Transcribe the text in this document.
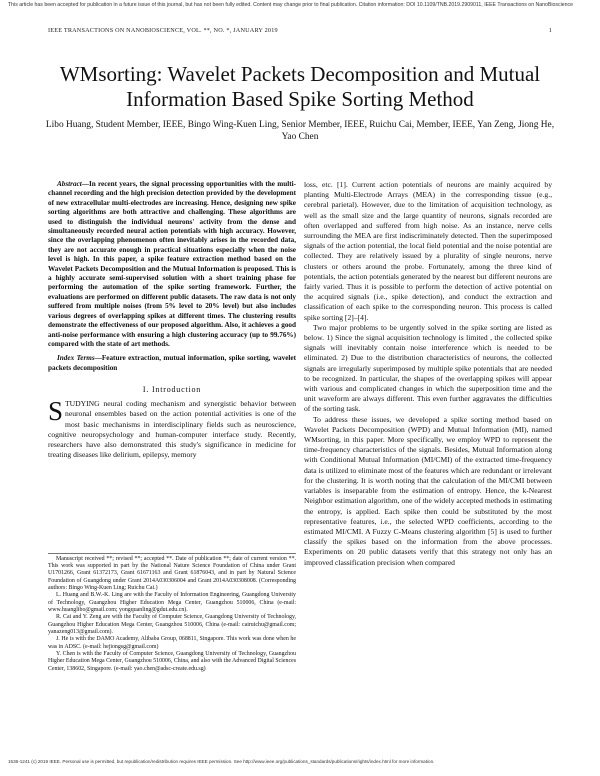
This article has been accepted for publication in a future issue of this journal, but has not been fully edited. Content may change prior to final publication. Citation information: DOI 10.1109/TNB.2019.2909011, IEEE Transactions on NanoBioscience
IEEE TRANSACTIONS ON NANOBIOSCIENCE, VOL. **, NO. *, JANUARY 2019	1
WMsorting: Wavelet Packets Decomposition and Mutual Information Based Spike Sorting Method
Libo Huang, Student Member, IEEE, Bingo Wing-Kuen Ling, Senior Member, IEEE, Ruichu Cai, Member, IEEE, Yan Zeng, Jiong He, Yao Chen

Abstract—In recent years, the signal processing opportunities with the multi-channel recording and the high precision detection provided by the development of new extracellular multi-electrodes are increasing. Hence, designing new spike sorting algorithms are both attractive and challenging. These algorithms are used to distinguish the individual neurons' activity from the dense and simultaneously recorded neural action potentials with high accuracy. However, since the overlapping phenomenon often inevitably arises in the recorded data, they are not accurate enough in practical situations especially when the noise level is high. In this paper, a spike feature extraction method based on the Wavelet Packets Decomposition and the Mutual Information is proposed. This is a highly accurate semi-supervised solution with a short training phase for performing the automation of the spike sorting framework. Further, the evaluations are performed on different public datasets. The raw data is not only suffered from multiple noises (from 5% level to 20% level) but also includes various degrees of overlapping spikes at different times. The clustering results demonstrate the effectiveness of our proposed algorithm. Also, it achieves a good anti-noise performance with ensuring a high clustering accuracy (up to 99.76%) compared with the state of art methods.

Index Terms—Feature extraction, mutual information, spike sorting, wavelet packets decomposition

I. Introduction

STUDYING neural coding mechanism and synergistic behavior between neuronal ensembles based on the action potential activities is one of the most basic mechanisms in interdisciplinary fields such as neuroscience, cognitive neuropsychology and human-computer interface study. Recently, researchers have also demonstrated this study's significance in medicine for treating diseases like delirium, epilepsy, memory

Manuscript received **; revised **; accepted **. Date of publication **; date of current version **. This work was supported in part by the National Nature Science Foundation of China under Grant U1701266, Grant 61372173, Grant 61671163 and Grant 61876043, and in part by Natural Science Foundation of Guangdong under Grant 2014A030306004 and Grant 2014A030308008. (Corresponding authors: Bingo Wing-Kuen Ling; Ruichu Cai.)

L. Huang and B.W.-K. Ling are with the Faculty of Information Engineering, Guangdong University of Technology, Guangzhou Higher Education Mega Center, Guangzhou 510006, China (e-mail: www.huanglibo@gmail.com; yongquanling@gdut.edu.cn).

R. Cai and Y. Zeng are with the Faculty of Computer Science, Guangdong University of Technology, Guangzhou Higher Education Mega Center, Guangzhou 510006, China (e-mail: cairuichu@gmail.com; yanazeng013@gmail.com).

J. He is with the DAMO Academy, Alibaba Group, 068811, Singapore. This work was done when he was in ADSC. (e-mail: hejiongsg@gmail.com)

Y. Chen is with the Faculty of Computer Science, Guangdong University of Technology, Guangzhou Higher Education Mega Center, Guangzhou 510006, China, and also with the Advanced Digital Sciences Center, 138602, Singapore. (e-mail: yao.chen@adsc-create.edu.sg)

loss, etc. [1]. Current action potentials of neurons are mainly acquired by planting Multi-Electrode Arrays (MEA) in the corresponding tissue (e.g., cerebral parietal). However, due to the limitation of acquisition technology, as well as the small size and the large quantity of neurons, signals recorded are often overlapped and suffered from high noise. As an instance, nerve cells surrounding the MEA are first indiscriminately detected. Then the superimposed signals of the action potential, the local field potential and the noise potential are collected. They are relatively issued by a plurality of single neurons, nerve clusters or others around the probe. Fortunately, among the three kind of potentials, the action potentials generated by the nearest but different neurons are fairly varied. Thus it is possible to perform the detection of active potential on the acquired signals (i.e., spike detection), and conduct the extraction and classification of each spike to the corresponding neuron. This process is called spike sorting [2]–[4].

Two major problems to be urgently solved in the spike sorting are listed as below. 1) Since the signal acquisition technology is limited , the collected spike signals will inevitably contain noise interference which is needed to be eliminated. 2) Due to the distribution characteristics of neurons, the collected signals are irregularly superimposed by multiple spike potentials that are needed to be recognized. In particular, the shapes of the overlapping spikes will appear with various and complicated changes in which the superposition time and the unit waveform are always different. This even further aggravates the difficulties of the sorting task.

To address these issues, we developed a spike sorting method based on Wavelet Packets Decomposition (WPD) and Mutual Information (MI), named WMsorting, in this paper. More specifically, we employ WPD to represent the time-frequency characteristics of the signals. Besides, Mutual Information along with Conditional Mutual Information (MI/CMI) of the extracted time-frequency data is utilized to eliminate most of the features which are redundant or irrelevant for the clustering. It is worth noting that the calculation of the MI/CMI between variables is inseparable from the estimation of entropy. Hence, the k-Nearest Neighbor estimation algorithm, one of the widely accepted methods in estimating the entropy, is applied. Each spike then could be substituted by the most representative features, i.e., the selected WPD coefficients, according to the estimated MI/CMI. A Fuzzy C-Means clustering algorithm [5] is used to further classify the spikes based on the information from the above processes. Experiments on 20 public datasets verify that this strategy not only has an improved classification precision when compared

1536-1241 (c) 2019 IEEE. Personal use is permitted, but republication/redistribution requires IEEE permission. See http://www.ieee.org/publications_standards/publications/rights/index.html for more information.
